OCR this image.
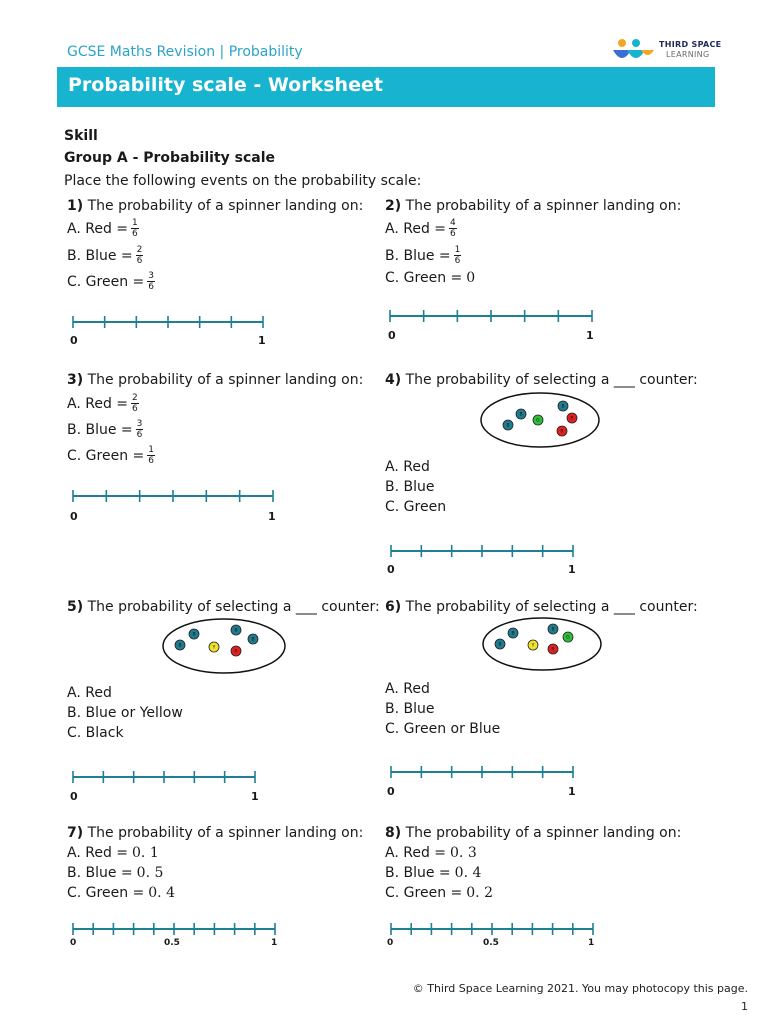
GCSE Maths Revision | Probability	THIRD SPACE
LEARNING
Probability scale - Worksheet
Skill
Group A - Probability scale
Place the following events on the probability scale:
1) The probability of a spinner landing on:
A. Red = $\frac{1}{6}$
B. Blue = $\frac{2}{6}$
C. Green = $\frac{3}{6}$
0	1
2) The probability of a spinner landing on:
A. Red = $\frac{4}{6}$
B. Blue = $\frac{1}{6}$
C. Green = 0
0	1
3) The probability of a spinner landing on:
A. Red = $\frac{2}{6}$
B. Blue = $\frac{3}{6}$
C. Green = $\frac{1}{6}$
0	1
4) The probability of selecting a ___ counter:
B
B
G
B
R
R
A. Red
B. Blue
C. Green
0	1
5) The probability of selecting a ___ counter:
B
B
Y
B
B
R
A. Red
B. Blue or Yellow
C. Black
0	1
6) The probability of selecting a ___ counter:
B
B
Y
B
G
R
A. Red
B. Blue
C. Green or Blue
0	1
7) The probability of a spinner landing on:
A. Red = 0. 1
B. Blue = 0. 5
C. Green = 0. 4
0	0.5	1
8) The probability of a spinner landing on:
A. Red = 0. 3
B. Blue = 0. 4
C. Green = 0. 2
0	0.5	1
© Third Space Learning 2021. You may photocopy this page.
1
